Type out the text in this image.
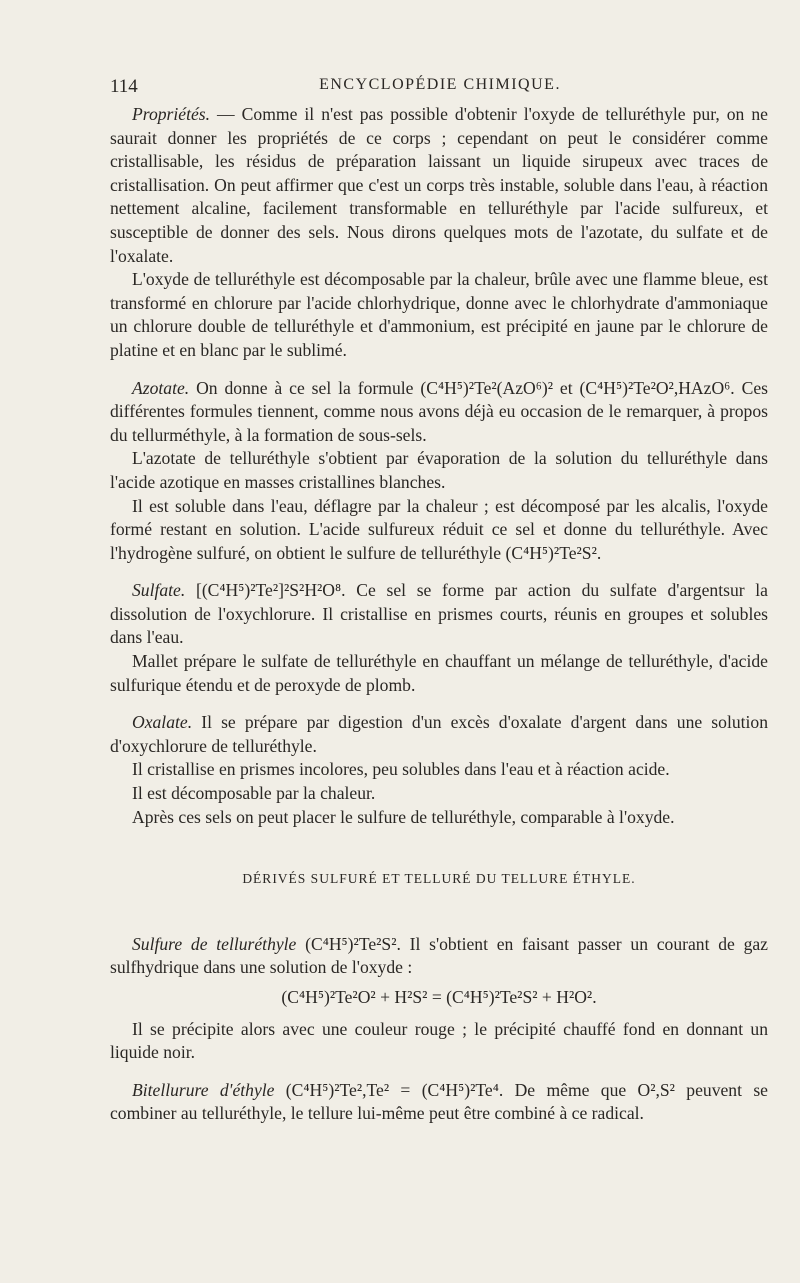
114	ENCYCLOPÉDIE CHIMIQUE.

Propriétés. — Comme il n'est pas possible d'obtenir l'oxyde de telluréthyle pur, on ne saurait donner les propriétés de ce corps ; cependant on peut le considérer comme cristallisable, les résidus de préparation laissant un liquide sirupeux avec traces de cristallisation. On peut affirmer que c'est un corps très instable, soluble dans l'eau, à réaction nettement alcaline, facilement transformable en telluréthyle par l'acide sulfureux, et susceptible de donner des sels. Nous dirons quelques mots de l'azotate, du sulfate et de l'oxalate.

L'oxyde de telluréthyle est décomposable par la chaleur, brûle avec une flamme bleue, est transformé en chlorure par l'acide chlorhydrique, donne avec le chlorhydrate d'ammoniaque un chlorure double de telluréthyle et d'ammonium, est précipité en jaune par le chlorure de platine et en blanc par le sublimé.

Azotate. On donne à ce sel la formule (C⁴H⁵)²Te²(AzO⁶)² et (C⁴H⁵)²Te²O²,HAzO⁶. Ces différentes formules tiennent, comme nous avons déjà eu occasion de le remarquer, à propos du tellurméthyle, à la formation de sous-sels.

L'azotate de telluréthyle s'obtient par évaporation de la solution du telluréthyle dans l'acide azotique en masses cristallines blanches.

Il est soluble dans l'eau, déflagre par la chaleur ; est décomposé par les alcalis, l'oxyde formé restant en solution. L'acide sulfureux réduit ce sel et donne du telluréthyle. Avec l'hydrogène sulfuré, on obtient le sulfure de telluréthyle (C⁴H⁵)²Te²S².

Sulfate. [(C⁴H⁵)²Te²]²S²H²O⁸. Ce sel se forme par action du sulfate d'argentsur la dissolution de l'oxychlorure. Il cristallise en prismes courts, réunis en groupes et solubles dans l'eau.

Mallet prépare le sulfate de telluréthyle en chauffant un mélange de telluréthyle, d'acide sulfurique étendu et de peroxyde de plomb.

Oxalate. Il se prépare par digestion d'un excès d'oxalate d'argent dans une solution d'oxychlorure de telluréthyle.

Il cristallise en prismes incolores, peu solubles dans l'eau et à réaction acide.

Il est décomposable par la chaleur.

Après ces sels on peut placer le sulfure de telluréthyle, comparable à l'oxyde.

DÉRIVÉS SULFURÉ ET TELLURÉ DU TELLURE ÉTHYLE.

Sulfure de telluréthyle (C⁴H⁵)²Te²S². Il s'obtient en faisant passer un courant de gaz sulfhydrique dans une solution de l'oxyde :

(C⁴H⁵)²Te²O² + H²S² = (C⁴H⁵)²Te²S² + H²O².

Il se précipite alors avec une couleur rouge ; le précipité chauffé fond en donnant un liquide noir.

Bitellurure d'éthyle (C⁴H⁵)²Te²,Te² = (C⁴H⁵)²Te⁴. De même que O²,S² peuvent se combiner au telluréthyle, le tellure lui-même peut être combiné à ce radical.
